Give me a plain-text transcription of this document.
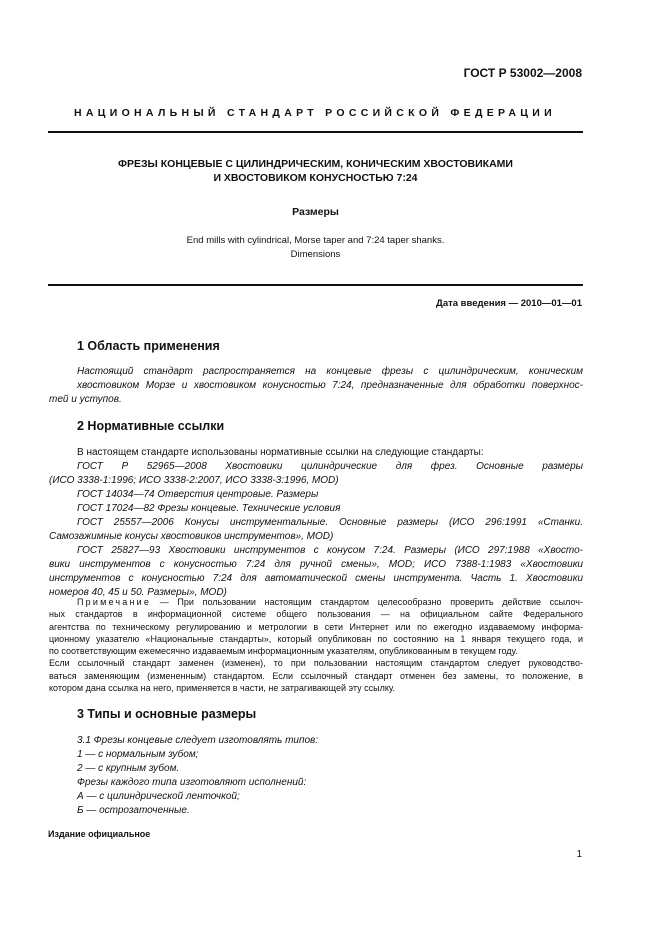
ГОСТ Р 53002—2008
НАЦИОНАЛЬНЫЙ СТАНДАРТ РОССИЙСКОЙ ФЕДЕРАЦИИ
ФРЕЗЫ КОНЦЕВЫЕ С ЦИЛИНДРИЧЕСКИМ, КОНИЧЕСКИМ ХВОСТОВИКАМИ
И ХВОСТОВИКОМ КОНУСНОСТЬЮ 7:24
Размеры
End mills with cylindrical, Morse taper and 7:24 taper shanks.
Dimensions
Дата введения — 2010—01—01
1 Область применения
Настоящий стандарт распространяется на концевые фрезы с цилиндрическим, коническим
хвостовиком Морзе и хвостовиком конусностью 7:24, предназначенные для обработки поверхнос-
тей и уступов.
2 Нормативные ссылки
В настоящем стандарте использованы нормативные ссылки на следующие стандарты:
ГОСТ Р 52965—2008 Хвостовики цилиндрические для фрез. Основные размеры
(ИСО 3338-1:1996; ИСО 3338-2:2007, ИСО 3338-3:1996, MOD)
ГОСТ 14034—74 Отверстия центровые. Размеры
ГОСТ 17024—82 Фрезы концевые. Технические условия
ГОСТ 25557—2006 Конусы инструментальные. Основные размеры (ИСО 296:1991 «Станки.
Самозажимные конусы хвостовиков инструментов», MOD)
ГОСТ 25827—93 Хвостовики инструментов с конусом 7:24. Размеры (ИСО 297:1988 «Хвосто-
вики инструментов с конусностью 7:24 для ручной смены», MOD; ИСО 7388-1:1983 «Хвостовики
инструментов с конусностью 7:24 для автоматической смены инструмента. Часть 1. Хвостовики
номеров 40, 45 и 50. Размеры», MOD)
Примечание — При пользовании настоящим стандартом целесообразно проверить действие ссылоч-
ных стандартов в информационной системе общего пользования — на официальном сайте Федерального
агентства по техническому регулированию и метрологии в сети Интернет или по ежегодно издаваемому информа-
ционному указателю «Национальные стандарты», который опубликован по состоянию на 1 января текущего года, и
по соответствующим ежемесячно издаваемым информационным указателям, опубликованным в текущем году.
Если ссылочный стандарт заменен (изменен), то при пользовании настоящим стандартом следует руководство-
ваться заменяющим (измененным) стандартом. Если ссылочный стандарт отменен без замены, то положение, в
котором дана ссылка на него, применяется в части, не затрагивающей эту ссылку.
3 Типы и основные размеры
3.1 Фрезы концевые следует изготовлять типов:
1 — с нормальным зубом;
2 — с крупным зубом.
Фрезы каждого типа изготовляют исполнений:
А — с цилиндрической ленточкой;
Б — острозаточенные.
Издание официальное
1
